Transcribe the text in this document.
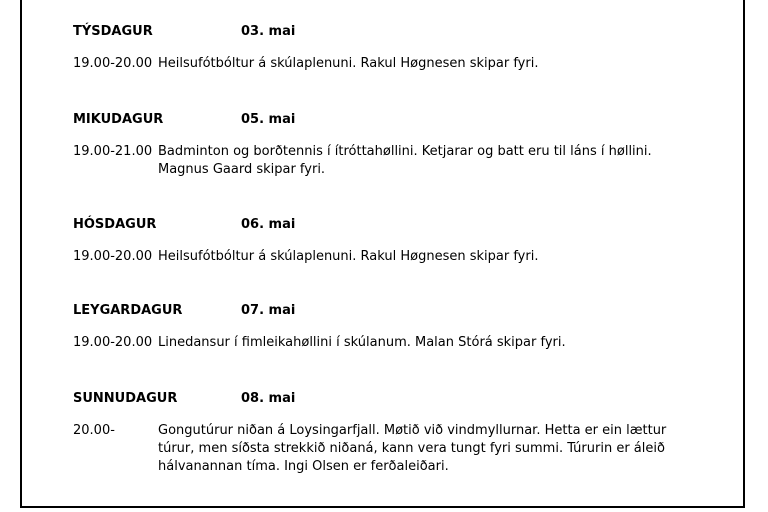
TÝSDAGUR	03. mai
19.00-20.00 Heilsufótbóltur á skúlaplenuni. Rakul Høgnesen skipar fyri.
MIKUDAGUR	05. mai
19.00-21.00 Badminton og borðtennis í ítróttahøllini. Ketjarar og batt eru til láns í høllini. Magnus Gaard skipar fyri.
HÓSDAGUR	06. mai
19.00-20.00 Heilsufótbóltur á skúlaplenuni. Rakul Høgnesen skipar fyri.
LEYGARDAGUR	07. mai
19.00-20.00 Linedansur í fimleikahøllini í skúlanum. Malan Stórá skipar fyri.
SUNNUDAGUR	08. mai
20.00-	Gongutúrur niðan á Loysingarfjall. Møtið við vindmyllurnar. Hetta er ein lættur túrur, men síðsta strekkið niðaná, kann vera tungt fyri summi. Túrurin er áleið hálvanannan tíma. Ingi Olsen er ferðaleiðari.
